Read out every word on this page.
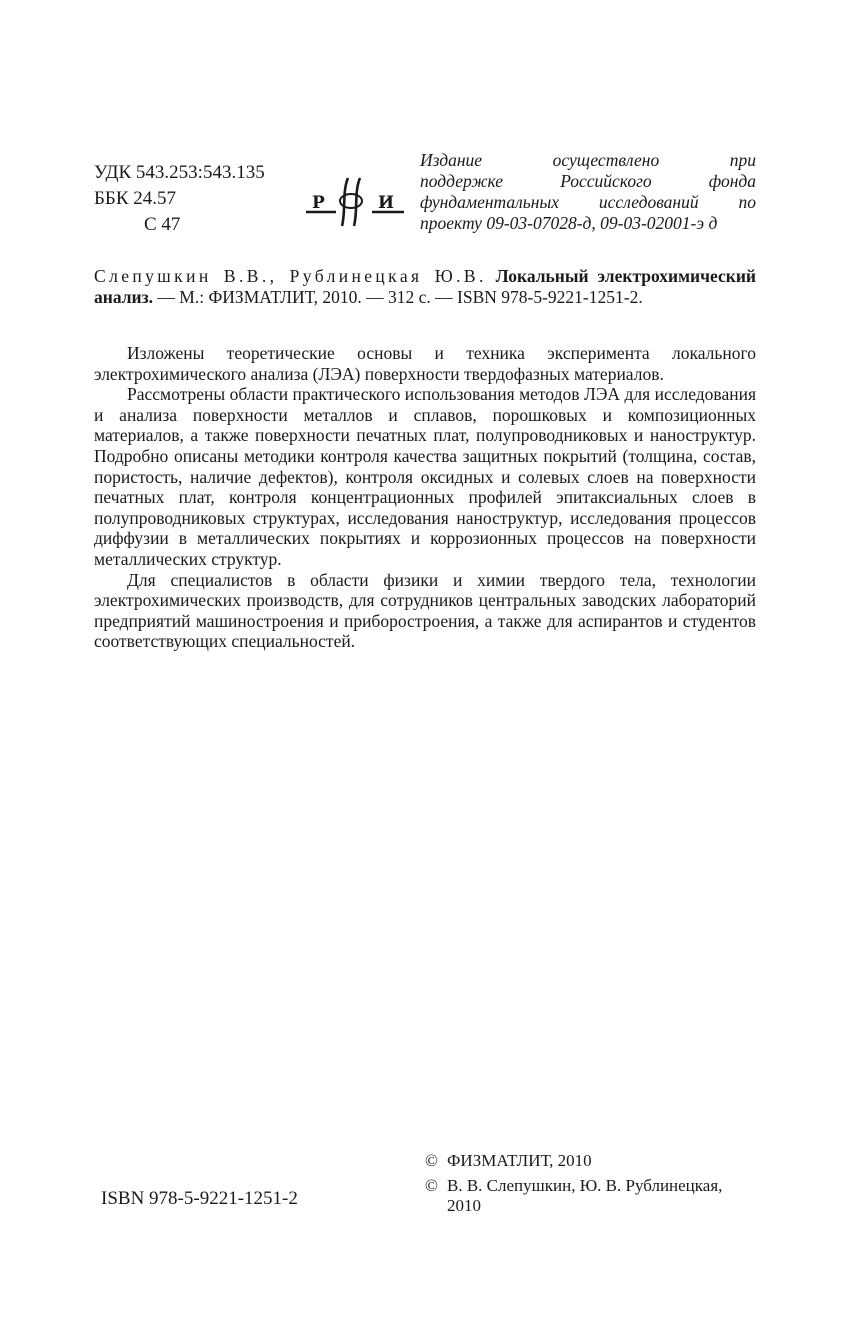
УДК 543.253:543.135
ББК 24.57
С 47
Р	И
Издание осуществлено при
поддержке Российского фонда
фундаментальных исследований по
проекту 09-03-07028-д, 09-03-02001-э д
Слепушкин В.В., Рублинецкая Ю.В. Локальный электрохимический анализ. — М.: ФИЗМАТЛИТ, 2010. — 312 с. — ISBN 978-5-9221-1251-2.

Изложены теоретические основы и техника эксперимента локального электрохимического анализа (ЛЭА) поверхности твердофазных материалов.

Рассмотрены области практического использования методов ЛЭА для исследования и анализа поверхности металлов и сплавов, порошковых и композиционных материалов, а также поверхности печатных плат, полупроводниковых и наноструктур. Подробно описаны методики контроля качества защитных покрытий (толщина, состав, пористость, наличие дефектов), контроля оксидных и солевых слоев на поверхности печатных плат, контроля концентрационных профилей эпитаксиальных слоев в полупроводниковых структурах, исследования наноструктур, исследования процессов диффузии в металлических покрытиях и коррозионных процессов на поверхности металлических структур.

Для специалистов в области физики и химии твердого тела, технологии электрохимических производств, для сотрудников центральных заводских лабораторий предприятий машиностроения и приборостроения, а также для аспирантов и студентов соответствующих специальностей.

ISBN 978-5-9221-1251-2
© ФИЗМАТЛИТ, 2010
© В. В. Слепушкин, Ю. В. Рублинецкая, 2010
